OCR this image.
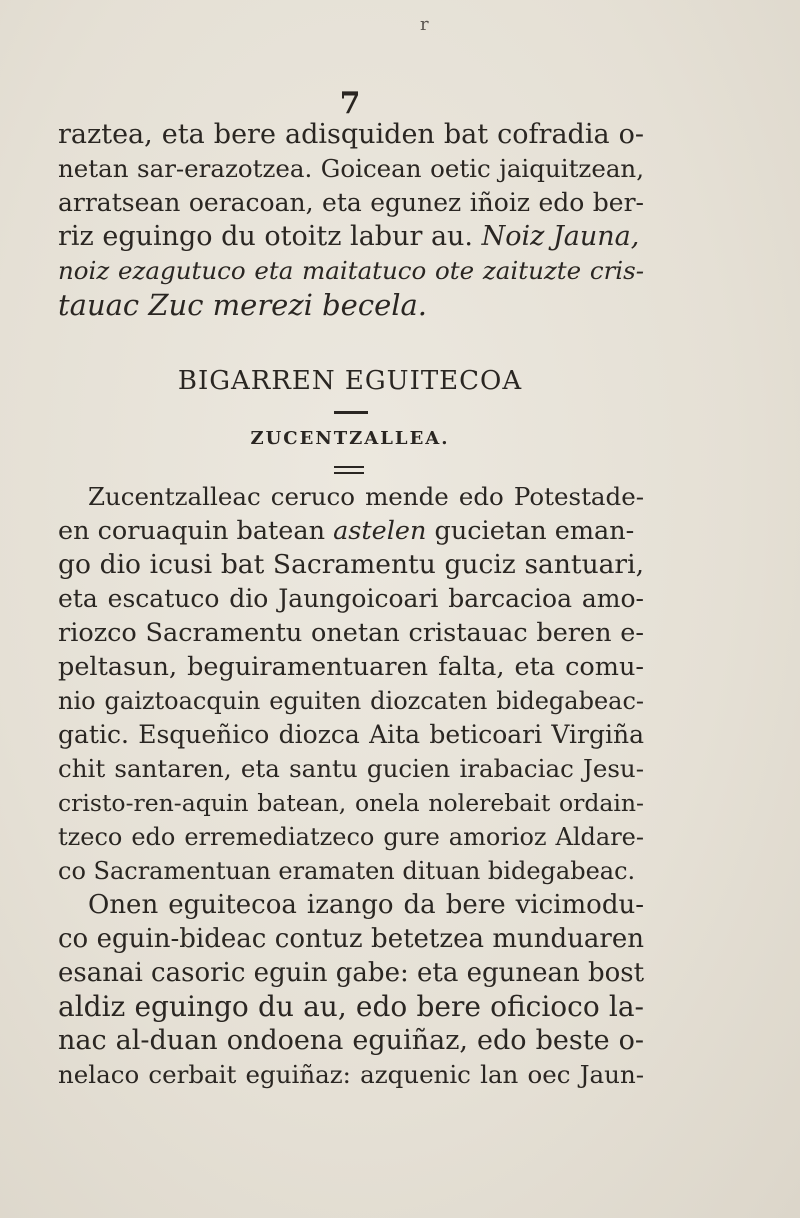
r
7
raztea, eta bere adisquiden bat cofradia o-
netan sar-erazotzea. Goicean oetic jaiquitzean,
arratsean oeracoan, eta egunez iñoiz edo ber-
riz eguingo du otoitz labur au. Noiz Jauna,
noiz ezagutuco eta maitatuco ote zaituzte cris-
tauac Zuc merezi becela.
BIGARREN EGUITECOA
ZUCENTZALLEA.
Zucentzalleac ceruco mende edo Potestade-
en coruaquin batean astelen gucietan eman-
go dio icusi bat Sacramentu guciz santuari,
eta escatuco dio Jaungoicoari barcacioa amo-
riozco Sacramentu onetan cristauac beren e-
peltasun, beguiramentuaren falta, eta comu-
nio gaiztoacquin eguiten diozcaten bidegabeac-
gatic. Esqueñico diozca Aita beticoari Virgiña
chit santaren, eta santu gucien irabaciac Jesu-
cristo-ren-aquin batean, onela nolerebait ordain-
tzeco edo erremediatzeco gure amorioz Aldare-
co Sacramentuan eramaten dituan bidegabeac.
Onen eguitecoa izango da bere vicimodu-
co eguin-bideac contuz betetzea munduaren
esanai casoric eguin gabe: eta egunean bost
aldiz eguingo du au, edo bere oficioco la-
nac al-duan ondoena eguiñaz, edo beste o-
nelaco cerbait eguiñaz: azquenic lan oec Jaun-
